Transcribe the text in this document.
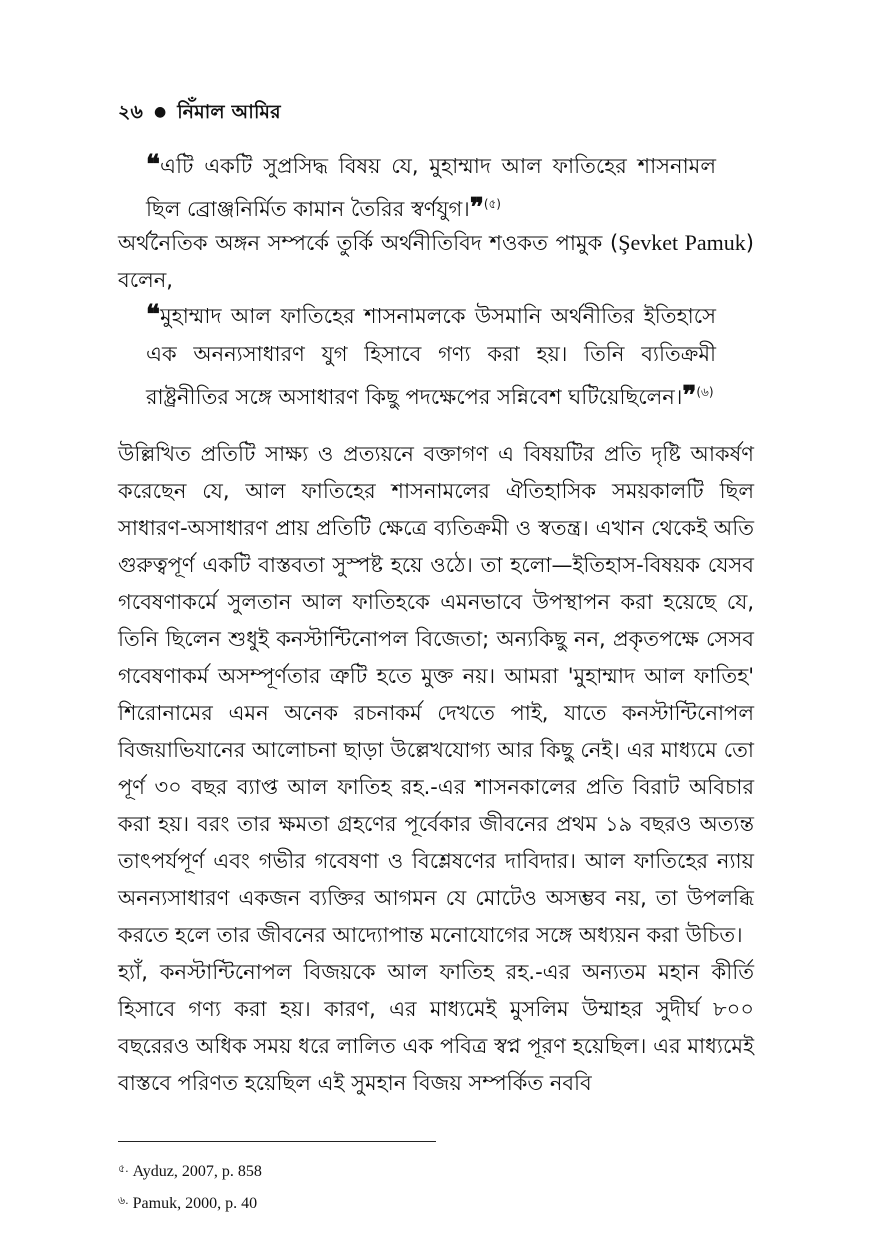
২৬ ● নিঁমাল আমির
❝এটি একটি সুপ্রসিদ্ধ বিষয় যে, মুহাম্মাদ আল ফাতিহের শাসনামল ছিল ব্রোঞ্জনির্মিত কামান তৈরির স্বর্ণযুগ।❞$^{(৫)}$
অর্থনৈতিক অঙ্গন সম্পর্কে তুর্কি অর্থনীতিবিদ শওকত পামুক (Şevket Pamuk) বলেন,
❝মুহাম্মাদ আল ফাতিহের শাসনামলকে উসমানি অর্থনীতির ইতিহাসে এক অনন্যসাধারণ যুগ হিসাবে গণ্য করা হয়। তিনি ব্যতিক্রমী রাষ্ট্রনীতির সঙ্গে অসাধারণ কিছু পদক্ষেপের সন্নিবেশ ঘটিয়েছিলেন।❞$^{(৬)}$
উল্লিখিত প্রতিটি সাক্ষ্য ও প্রত্যয়নে বক্তাগণ এ বিষয়টির প্রতি দৃষ্টি আকর্ষণ করেছেন যে, আল ফাতিহের শাসনামলের ঐতিহাসিক সময়কালটি ছিল সাধারণ-অসাধারণ প্রায় প্রতিটি ক্ষেত্রে ব্যতিক্রমী ও স্বতন্ত্র। এখান থেকেই অতি গুরুত্বপূর্ণ একটি বাস্তবতা সুস্পষ্ট হয়ে ওঠে। তা হলো—ইতিহাস-বিষয়ক যেসব গবেষণাকর্মে সুলতান আল ফাতিহকে এমনভাবে উপস্থাপন করা হয়েছে যে, তিনি ছিলেন শুধুই কনস্টান্টিনোপল বিজেতা; অন্যকিছু নন, প্রকৃতপক্ষে সেসব গবেষণাকর্ম অসম্পূর্ণতার ত্রুটি হতে মুক্ত নয়। আমরা 'মুহাম্মাদ আল ফাতিহ' শিরোনামের এমন অনেক রচনাকর্ম দেখতে পাই, যাতে কনস্টান্টিনোপল বিজয়াভিযানের আলোচনা ছাড়া উল্লেখযোগ্য আর কিছু নেই। এর মাধ্যমে তো পূর্ণ ৩০ বছর ব্যাপ্ত আল ফাতিহ রহ.-এর শাসনকালের প্রতি বিরাট অবিচার করা হয়। বরং তার ক্ষমতা গ্রহণের পূর্বেকার জীবনের প্রথম ১৯ বছরও অত্যন্ত তাৎপর্যপূর্ণ এবং গভীর গবেষণা ও বিশ্লেষণের দাবিদার। আল ফাতিহের ন্যায় অনন্যসাধারণ একজন ব্যক্তির আগমন যে মোটেও অসম্ভব নয়, তা উপলব্ধি করতে হলে তার জীবনের আদ্যোপান্ত মনোযোগের সঙ্গে অধ্যয়ন করা উচিত।
হ্যাঁ, কনস্টান্টিনোপল বিজয়কে আল ফাতিহ রহ.-এর অন্যতম মহান কীর্তি হিসাবে গণ্য করা হয়। কারণ, এর মাধ্যমেই মুসলিম উম্মাহর সুদীর্ঘ ৮০০ বছরেরও অধিক সময় ধরে লালিত এক পবিত্র স্বপ্ন পূরণ হয়েছিল। এর মাধ্যমেই বাস্তবে পরিণত হয়েছিল এই সুমহান বিজয় সম্পর্কিত নববি
$^{৫.}$ Ayduz, 2007, p. 858
$^{৬.}$ Pamuk, 2000, p. 40
